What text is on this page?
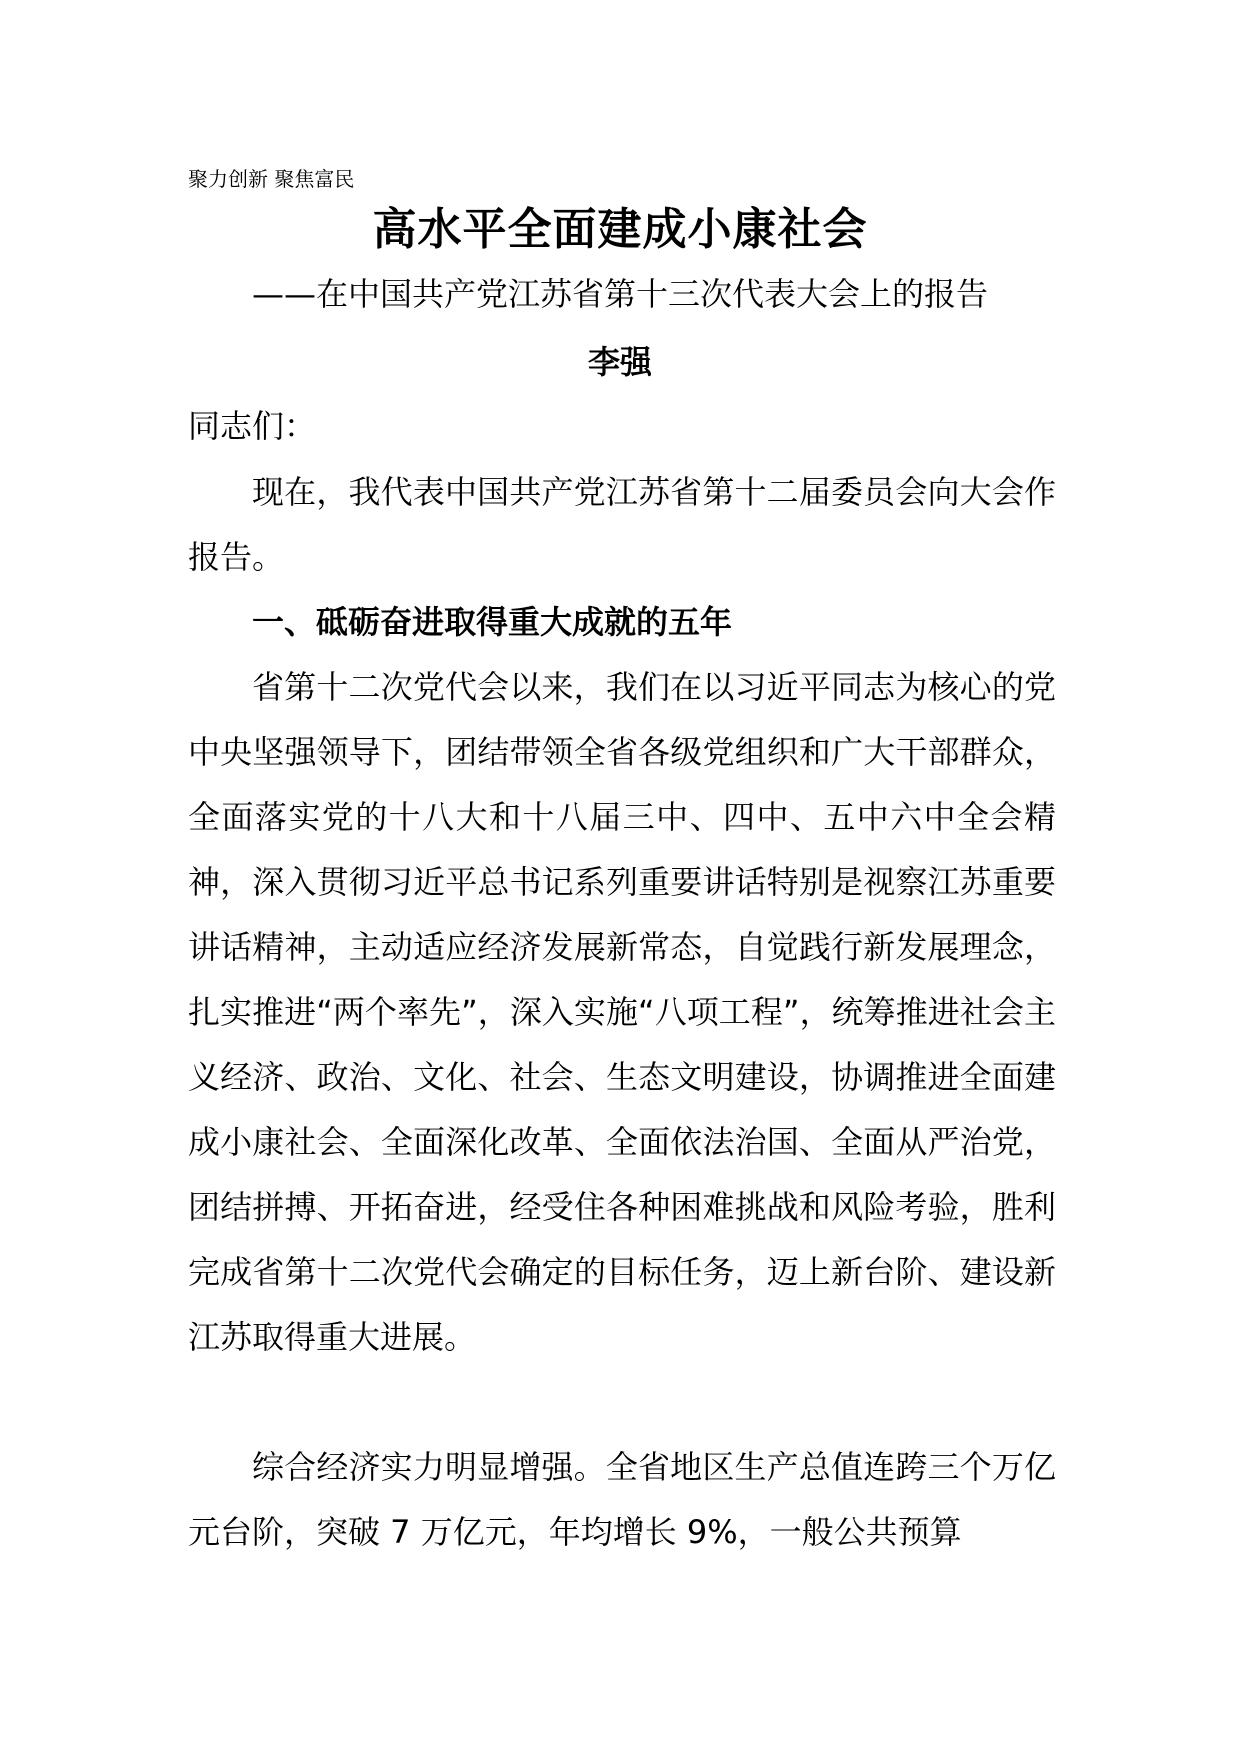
聚力创新 聚焦富民
高水平全面建成小康社会
——在中国共产党江苏省第十三次代表大会上的报告
李强
同志们：

现在，我代表中国共产党江苏省第十二届委员会向大会作报告。

一、砥砺奋进取得重大成就的五年

省第十二次党代会以来，我们在以习近平同志为核心的党中央坚强领导下，团结带领全省各级党组织和广大干部群众，全面落实党的十八大和十八届三中、四中、五中六中全会精神，深入贯彻习近平总书记系列重要讲话特别是视察江苏重要讲话精神，主动适应经济发展新常态，自觉践行新发展理念，扎实推进“两个率先”，深入实施“八项工程”，统筹推进社会主义经济、政治、文化、社会、生态文明建设，协调推进全面建成小康社会、全面深化改革、全面依法治国、全面从严治党，团结拼搏、开拓奋进，经受住各种困难挑战和风险考验，胜利完成省第十二次党代会确定的目标任务，迈上新台阶、建设新江苏取得重大进展。

综合经济实力明显增强。全省地区生产总值连跨三个万亿元台阶，突破 7 万亿元，年均增长 9%，一般公共预算
